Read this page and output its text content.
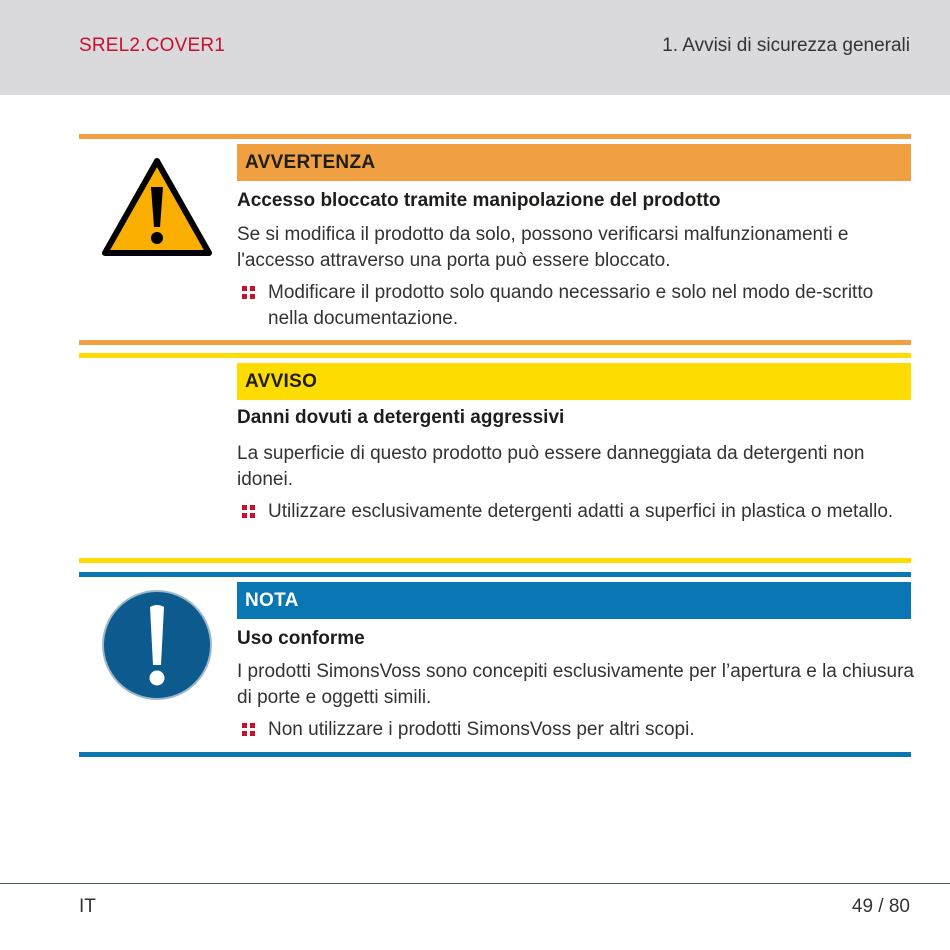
SREL2.COVER1	1. Avvisi di sicurezza generali
AVVERTENZA
Accesso bloccato tramite manipolazione del prodotto
Se si modifica il prodotto da solo, possono verificarsi malfunzionamenti e l'accesso attraverso una porta può essere bloccato.
Modificare il prodotto solo quando necessario e solo nel modo de-scritto nella documentazione.
AVVISO
Danni dovuti a detergenti aggressivi
La superficie di questo prodotto può essere danneggiata da detergenti non idonei.
Utilizzare esclusivamente detergenti adatti a superfici in plastica o metallo.
NOTA
Uso conforme
I prodotti SimonsVoss sono concepiti esclusivamente per l’apertura e la chiusura di porte e oggetti simili.
Non utilizzare i prodotti SimonsVoss per altri scopi.
IT	49 / 80
